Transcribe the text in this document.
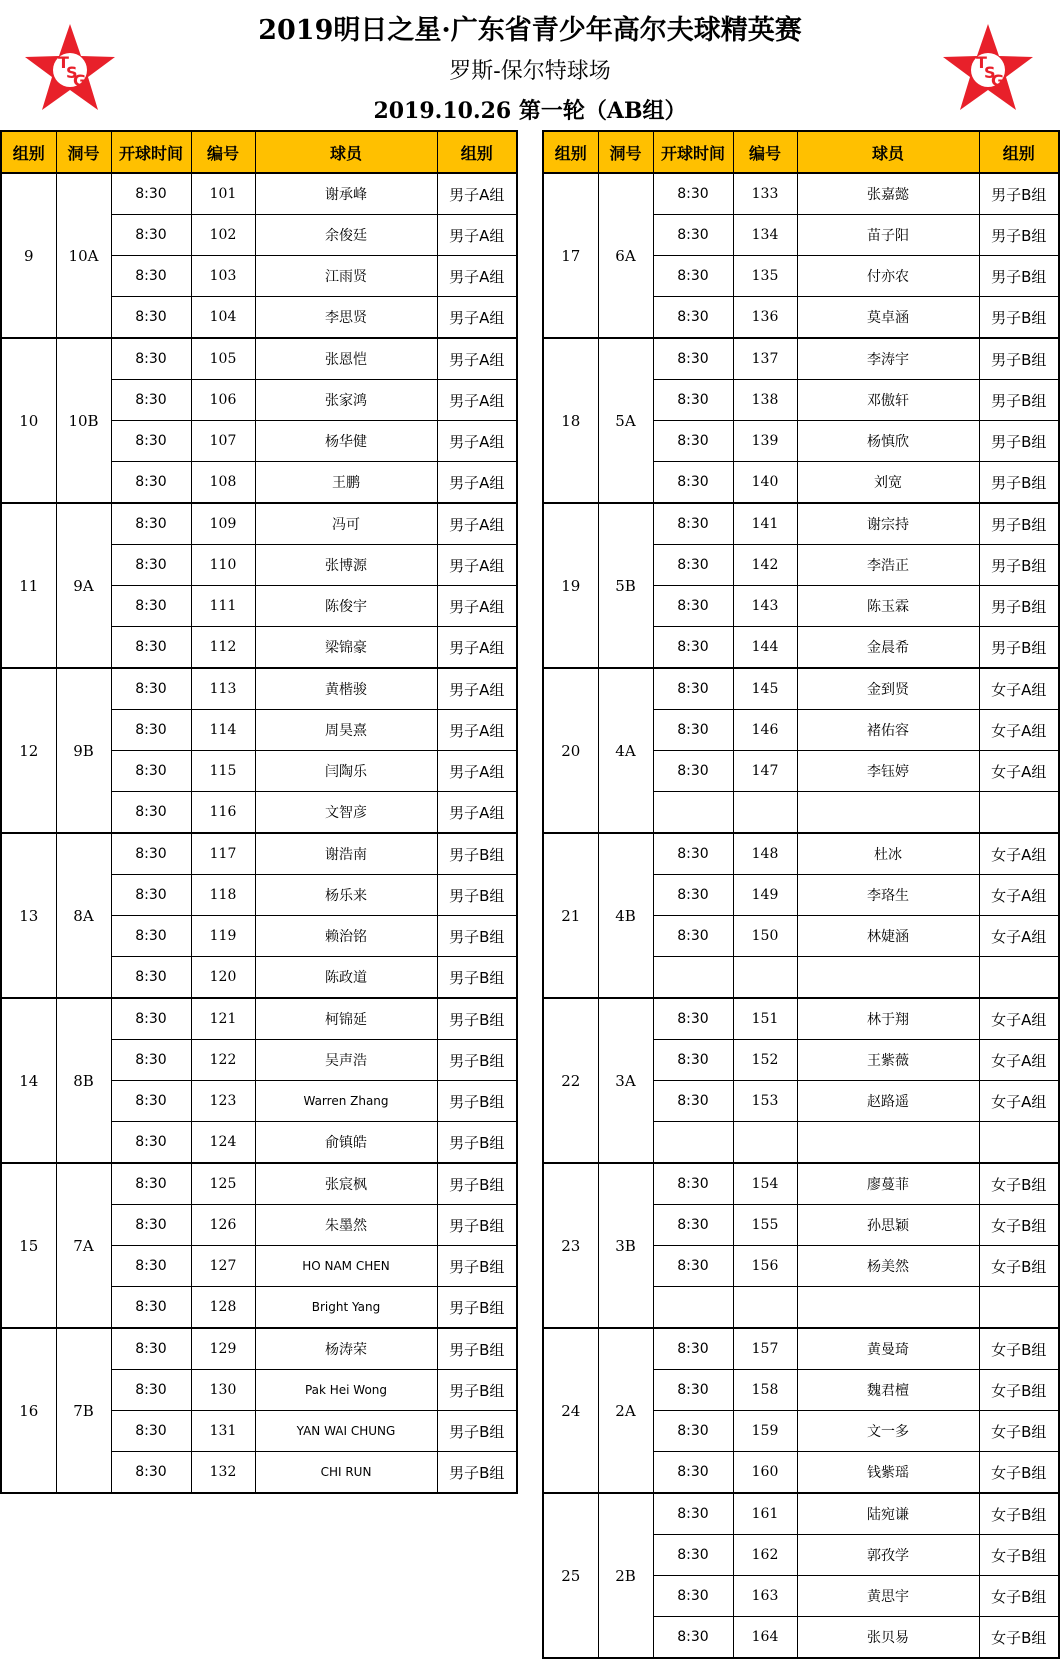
T
S
G
2019明日之星·广东省青少年高尔夫球精英赛
罗斯-保尔特球场
2019.10.26 第一轮（AB组）
T
S
G
组别	洞号	开球时间	编号	球员	组别
9	10A	8:30	101	谢承峰	男子A组
		8:30	102	余俊廷	男子A组
		8:30	103	江雨贤	男子A组
		8:30	104	李思贤	男子A组
10	10B	8:30	105	张恩恺	男子A组
		8:30	106	张家鸿	男子A组
		8:30	107	杨华健	男子A组
		8:30	108	王鹏	男子A组
11	9A	8:30	109	冯可	男子A组
		8:30	110	张博源	男子A组
		8:30	111	陈俊宇	男子A组
		8:30	112	梁锦豪	男子A组
12	9B	8:30	113	黄楷骏	男子A组
		8:30	114	周昊熹	男子A组
		8:30	115	闫陶乐	男子A组
		8:30	116	文智彦	男子A组
13	8A	8:30	117	谢浩南	男子B组
		8:30	118	杨乐来	男子B组
		8:30	119	赖治铭	男子B组
		8:30	120	陈政道	男子B组
14	8B	8:30	121	柯锦延	男子B组
		8:30	122	吴声浩	男子B组
		8:30	123	Warren Zhang	男子B组
		8:30	124	俞镇皓	男子B组
15	7A	8:30	125	张宸枫	男子B组
		8:30	126	朱墨然	男子B组
		8:30	127	HO NAM CHEN	男子B组
		8:30	128	Bright Yang	男子B组
16	7B	8:30	129	杨涛荣	男子B组
		8:30	130	Pak Hei Wong	男子B组
		8:30	131	YAN WAI CHUNG	男子B组
		8:30	132	CHI RUN	男子B组
组别	洞号	开球时间	编号	球员	组别
17	6A	8:30	133	张嘉懿	男子B组
		8:30	134	苗子阳	男子B组
		8:30	135	付亦农	男子B组
		8:30	136	莫卓涵	男子B组
18	5A	8:30	137	李涛宇	男子B组
		8:30	138	邓傲轩	男子B组
		8:30	139	杨慎欣	男子B组
		8:30	140	刘宽	男子B组
19	5B	8:30	141	谢宗持	男子B组
		8:30	142	李浩正	男子B组
		8:30	143	陈玉霖	男子B组
		8:30	144	金晨希	男子B组
20	4A	8:30	145	金到贤	女子A组
		8:30	146	褚佑容	女子A组
		8:30	147	李钰婷	女子A组

21	4B	8:30	148	杜冰	女子A组
		8:30	149	李珞生	女子A组
		8:30	150	林婕涵	女子A组

22	3A	8:30	151	林于翔	女子A组
		8:30	152	王紫薇	女子A组
		8:30	153	赵路遥	女子A组

23	3B	8:30	154	廖蔓菲	女子B组
		8:30	155	孙思颖	女子B组
		8:30	156	杨美然	女子B组

24	2A	8:30	157	黄曼琦	女子B组
		8:30	158	魏君檀	女子B组
		8:30	159	文一多	女子B组
		8:30	160	钱紫瑶	女子B组
25	2B	8:30	161	陆宛谦	女子B组
		8:30	162	郭孜学	女子B组
		8:30	163	黄思宇	女子B组
		8:30	164	张贝易	女子B组
